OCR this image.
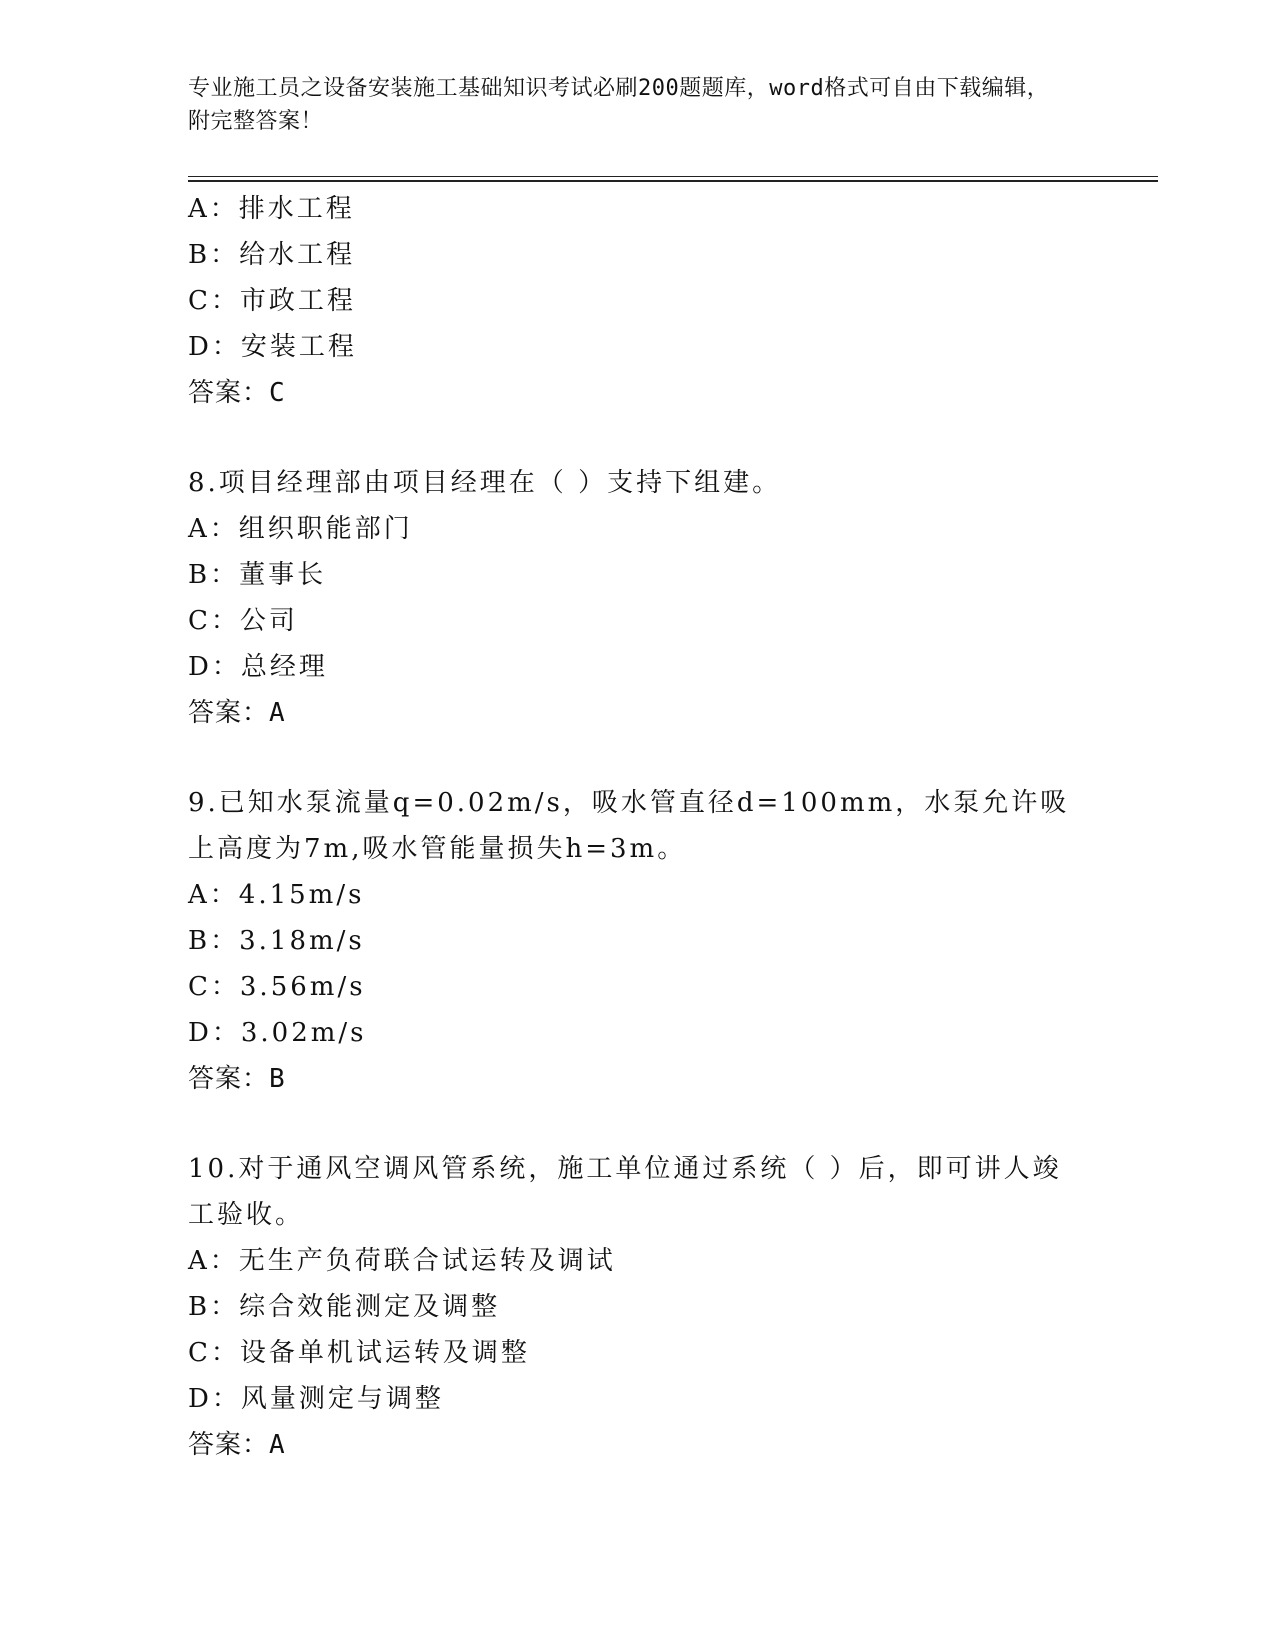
专业施工员之设备安装施工基础知识考试必刷200题题库，word格式可自由下载编辑，附完整答案！
A：排水工程
B：给水工程
C：市政工程
D：安装工程
答案：C
8.项目经理部由项目经理在（ ）支持下组建。
A：组织职能部门
B：董事长
C：公司
D：总经理
答案：A
9.已知水泵流量q=0.02m/s，吸水管直径d=100mm，水泵允许吸上高度为7m,吸水管能量损失h=3m。
A：4.15m/s
B：3.18m/s
C：3.56m/s
D：3.02m/s
答案：B
10.对于通风空调风管系统，施工单位通过系统（ ）后，即可讲人竣工验收。
A：无生产负荷联合试运转及调试
B：综合效能测定及调整
C：设备单机试运转及调整
D：风量测定与调整
答案：A
